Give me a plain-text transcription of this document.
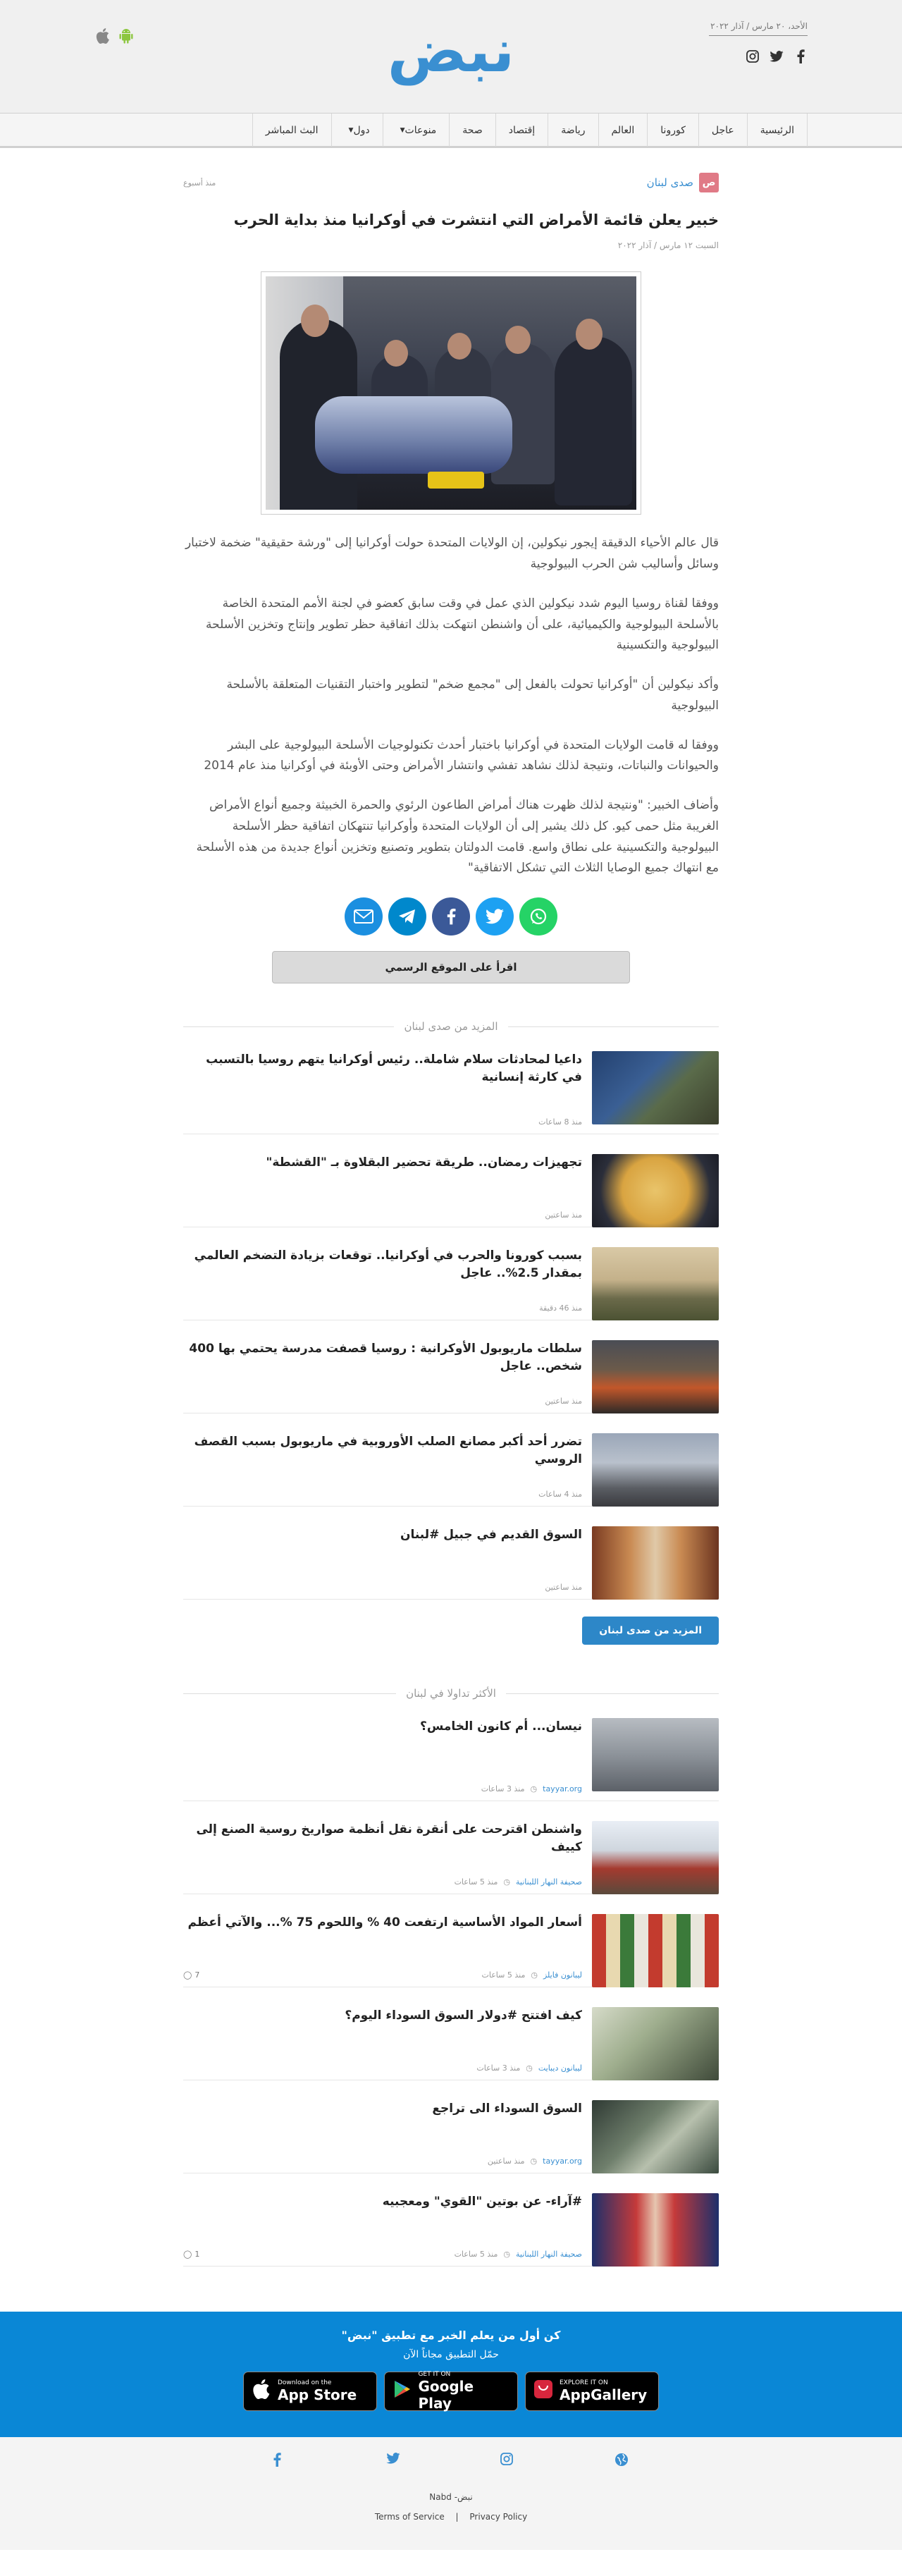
الأحد، ٢٠ مارس / آذار ٢٠٢٢
نبض
الرئيسية
عاجل
كورونا
العالم
رياضة
إقتصاد
صحة
منوعات
▼
دول
▼
البث المباشر
ص
صدى لبنان
منذ أسبوع
خبير يعلن قائمة الأمراض التي انتشرت في أوكرانيا منذ بداية الحرب
السبت ١٢ مارس / آذار ٢٠٢٢

قال عالم الأحياء الدقيقة إيجور نيكولين، إن الولايات المتحدة حولت أوكرانيا إلى "ورشة حقيقية" ضخمة لاختبار وسائل وأساليب شن الحرب البيولوجية

ووفقا لقناة روسيا اليوم شدد نيكولين الذي عمل في وقت سابق كعضو في لجنة الأمم المتحدة الخاصة بالأسلحة البيولوجية والكيميائية، على أن واشنطن انتهكت بذلك اتفاقية حظر تطوير وإنتاج وتخزين الأسلحة البيولوجية والتكسينية

وأكد نيكولين أن "أوكرانيا تحولت بالفعل إلى "مجمع ضخم" لتطوير واختبار التقنيات المتعلقة بالأسلحة البيولوجية

ووفقا له قامت الولايات المتحدة في أوكرانيا باختبار أحدث تكنولوجيات الأسلحة البيولوجية على البشر والحيوانات والنباتات، ونتيجة لذلك نشاهد تفشي وانتشار الأمراض وحتى الأوبئة في أوكرانيا منذ عام 2014

وأضاف الخبير: "ونتيجة لذلك ظهرت هناك أمراض الطاعون الرئوي والحمرة الخبيثة وجميع أنواع الأمراض الغريبة مثل حمى كيو. كل ذلك يشير إلى أن الولايات المتحدة وأوكرانيا تنتهكان اتفاقية حظر الأسلحة البيولوجية والتكسينية على نطاق واسع. قامت الدولتان بتطوير وتصنيع وتخزين أنواع جديدة من هذه الأسلحة مع انتهاك جميع الوصايا الثلاث التي تشكل الاتفاقية"

اقرأ على الموقع الرسمي
المزيد من صدى لبنان
داعيا لمحادثات سلام شاملة.. رئيس أوكرانيا يتهم روسيا بالتسبب في كارثة إنسانية
منذ 8 ساعات
تجهيزات رمضان.. طريقة تحضير البقلاوة بـ "القشطة"
منذ ساعتين
بسبب كورونا والحرب في أوكرانيا.. توقعات بزيادة التضخم العالمي بمقدار 2.5%.. عاجل
منذ 46 دقيقة
سلطات ماريوبول الأوكرانية : روسيا قصفت مدرسة يحتمي بها 400 شخص.. عاجل
منذ ساعتين
تضرر أحد أكبر مصانع الصلب الأوروبية في ماريوبول بسبب القصف الروسي
منذ 4 ساعات
السوق القديم في جبيل #لبنان
منذ ساعتين
المزيد من صدى لبنان
الأكثر تداولا في لبنان
نيسان... أم كانون الخامس؟
tayyar.org
◷
منذ 3 ساعات
واشنطن اقترحت على أنقرة نقل أنظمة صواريخ روسية الصنع إلى كييف
صحيفة النهار اللبنانية
◷
منذ 5 ساعات
أسعار المواد الأساسية ارتفعت 40 % واللحوم 75 %... والآتي أعظم
ليبانون فايلز
◷
منذ 5 ساعات
◯ 7
كيف افتتح #دولار السوق السوداء اليوم؟
ليبانون ديبايت
◷
منذ 3 ساعات
السوق السوداء الى تراجع
tayyar.org
◷
منذ ساعتين
#آراء- عن بوتين "القوي" ومعجبيه
صحيفة النهار اللبنانية
◷
منذ 5 ساعات
◯ 1
كن أول من يعلم الخبر مع تطبيق "نبض"
حمّل التطبيق مجاناً الآن
Download on the
App Store
GET IT ON
Google Play
EXPLORE IT ON
AppGallery
نبض- Nabd
Terms of Service | Privacy Policy
